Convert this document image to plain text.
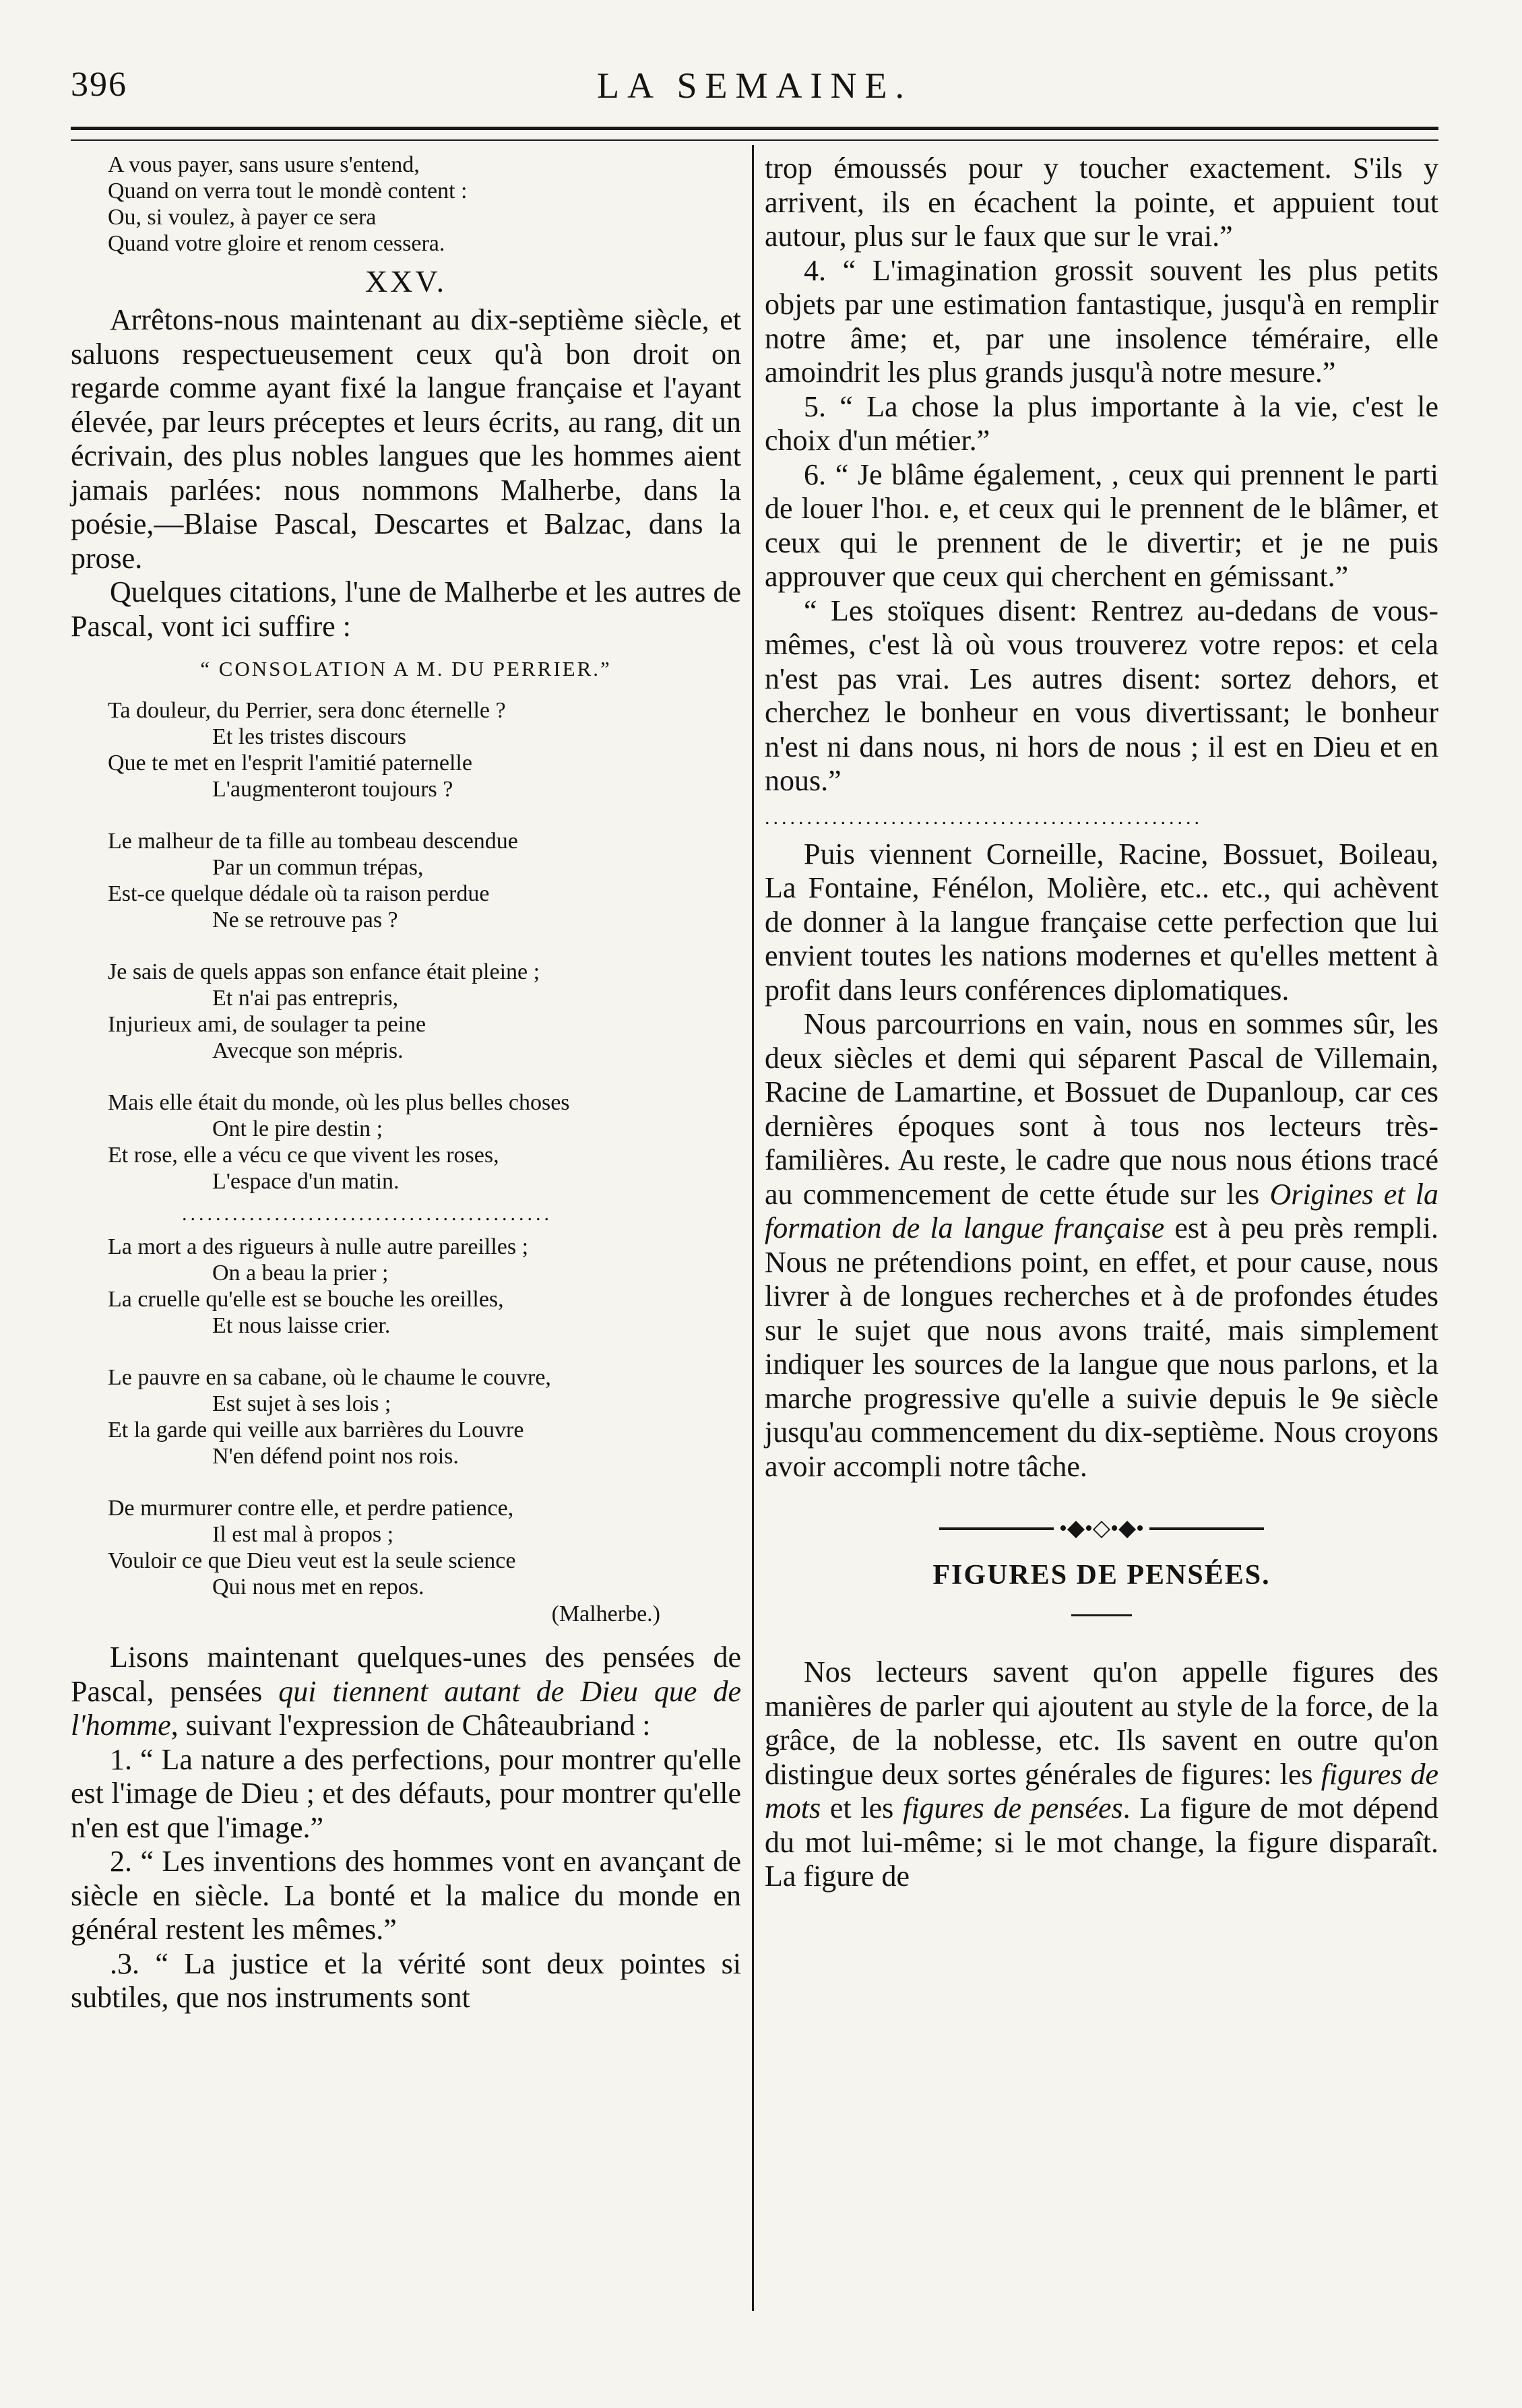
396	LA SEMAINE.
A vous payer, sans usure s'entend,
Quand on verra tout le mondè content :
Ou, si voulez, à payer ce sera
Quand votre gloire et renom cessera.
XXV.

Arrêtons-nous maintenant au dix-septième siècle, et saluons respectueusement ceux qu'à bon droit on regarde comme ayant fixé la langue française et l'ayant élevée, par leurs préceptes et leurs écrits, au rang, dit un écrivain, des plus nobles langues que les hommes aient jamais parlées: nous nommons Malherbe, dans la poésie,—Blaise Pascal, Descartes et Balzac, dans la prose.

Quelques citations, l'une de Malherbe et les autres de Pascal, vont ici suffire :

“ CONSOLATION A M. DU PERRIER.”
Ta douleur, du Perrier, sera donc éternelle ?
Et les tristes discours
Que te met en l'esprit l'amitié paternelle
L'augmenteront toujours ?
Le malheur de ta fille au tombeau descendue
Par un commun trépas,
Est-ce quelque dédale où ta raison perdue
Ne se retrouve pas ?
Je sais de quels appas son enfance était pleine ;
Et n'ai pas entrepris,
Injurieux ami, de soulager ta peine
Avecque son mépris.
Mais elle était du monde, où les plus belles choses
Ont le pire destin ;
Et rose, elle a vécu ce que vivent les roses,
L'espace d'un matin.
............................................
La mort a des rigueurs à nulle autre pareilles ;
On a beau la prier ;
La cruelle qu'elle est se bouche les oreilles,
Et nous laisse crier.
Le pauvre en sa cabane, où le chaume le couvre,
Est sujet à ses lois ;
Et la garde qui veille aux barrières du Louvre
N'en défend point nos rois.
De murmurer contre elle, et perdre patience,
Il est mal à propos ;
Vouloir ce que Dieu veut est la seule science
Qui nous met en repos.
(Malherbe.)

Lisons maintenant quelques-unes des pensées de Pascal, pensées qui tiennent autant de Dieu que de l'homme, suivant l'expression de Châteaubriand :

1. “ La nature a des perfections, pour montrer qu'elle est l'image de Dieu ; et des défauts, pour montrer qu'elle n'en est que l'image.”

2. “ Les inventions des hommes vont en avançant de siècle en siècle. La bonté et la malice du monde en général restent les mêmes.”

.3. “ La justice et la vérité sont deux pointes si subtiles, que nos instruments sont

trop émoussés pour y toucher exactement. S'ils y arrivent, ils en écachent la pointe, et appuient tout autour, plus sur le faux que sur le vrai.”

4. “ L'imagination grossit souvent les plus petits objets par une estimation fantastique, jusqu'à en remplir notre âme; et, par une insolence téméraire, elle amoindrit les plus grands jusqu'à notre mesure.”

5. “ La chose la plus importante à la vie, c'est le choix d'un métier.”

6. “ Je blâme également, , ceux qui prennent le parti de louer l'hoı. e, et ceux qui le prennent de le blâmer, et ceux qui le prennent de le divertir; et je ne puis approuver que ceux qui cherchent en gémissant.”

“ Les stoïques disent: Rentrez au-dedans de vous-mêmes, c'est là où vous trouverez votre repos: et cela n'est pas vrai. Les autres disent: sortez dehors, et cherchez le bonheur en vous divertissant; le bonheur n'est ni dans nous, ni hors de nous ; il est en Dieu et en nous.”

....................................................

Puis viennent Corneille, Racine, Bossuet, Boileau, La Fontaine, Fénélon, Molière, etc.. etc., qui achèvent de donner à la langue française cette perfection que lui envient toutes les nations modernes et qu'elles mettent à profit dans leurs conférences diplomatiques.

Nous parcourrions en vain, nous en sommes sûr, les deux siècles et demi qui séparent Pascal de Villemain, Racine de Lamartine, et Bossuet de Dupanloup, car ces dernières époques sont à tous nos lecteurs très-familières. Au reste, le cadre que nous nous étions tracé au commencement de cette étude sur les Origines et la formation de la langue française est à peu près rempli. Nous ne prétendions point, en effet, et pour cause, nous livrer à de longues recherches et à de profondes études sur le sujet que nous avons traité, mais simplement indiquer les sources de la langue que nous parlons, et la marche progressive qu'elle a suivie depuis le 9e siècle jusqu'au commencement du dix-septième. Nous croyons avoir accompli notre tâche.

•◆•◇•◆•
FIGURES DE PENSÉES.

Nos lecteurs savent qu'on appelle figures des manières de parler qui ajoutent au style de la force, de la grâce, de la noblesse, etc. Ils savent en outre qu'on distingue deux sortes générales de figures: les figures de mots et les figures de pensées. La figure de mot dépend du mot lui-même; si le mot change, la figure disparaît. La figure de
